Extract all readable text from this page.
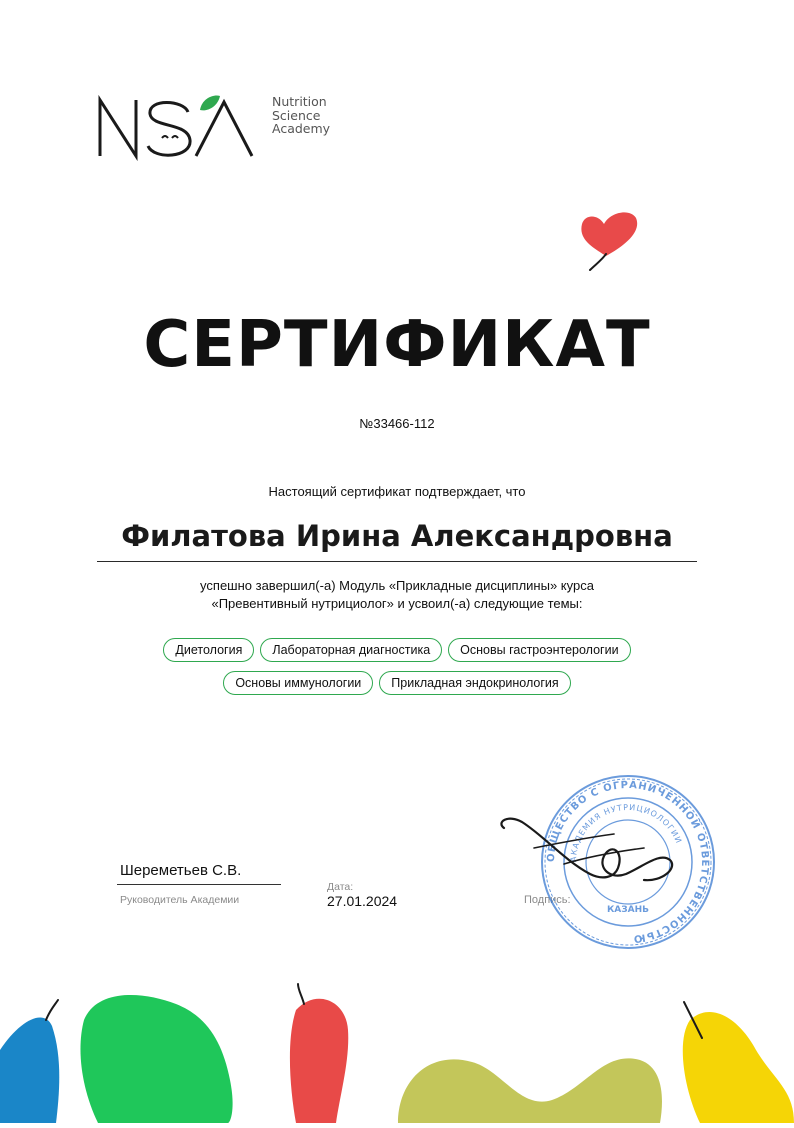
Nutrition
Science
Academy
СЕРТИФИКАТ
№33466-112
Настоящий сертификат подтверждает, что
Филатова Ирина Александровна
успешно завершил(-а) Модуль «Прикладные дисциплины» курса
«Превентивный нутрициолог» и усвоил(-а) следующие темы:
Диетология Лабораторная диагностика Основы гастроэнтерологии
Основы иммунологии Прикладная эндокринология
Шереметьев С.В.
Руководитель Академии
Дата:
27.01.2024	Подпись:
ОБЩЕСТВО С ОГРАНИЧЕННОЙ ОТВЕТСТВЕННОСТЬЮ
АКАДЕМИЯ НУТРИЦИОЛОГИИ
КАЗАНЬ
